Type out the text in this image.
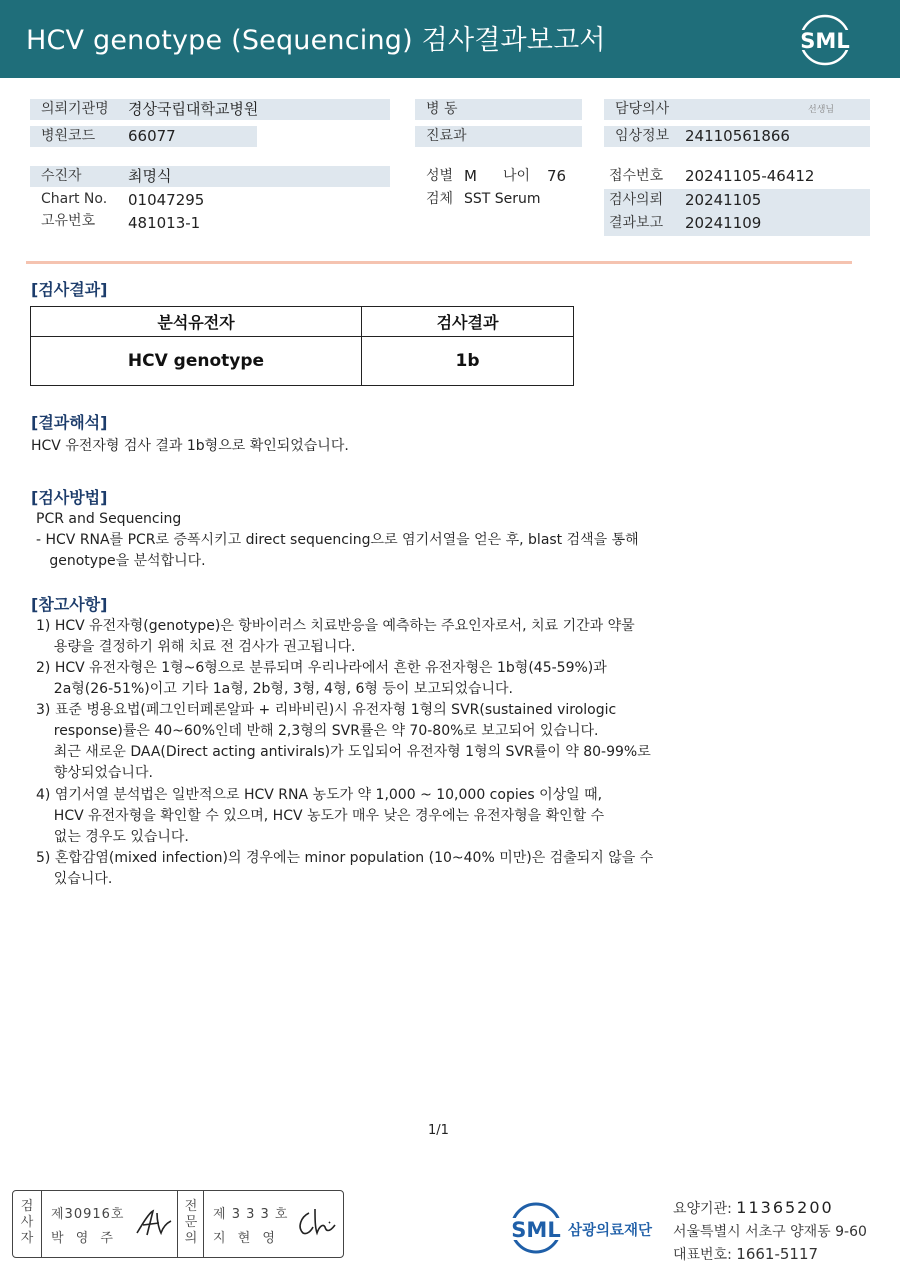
HCV genotype (Sequencing) 검사결과보고서	SML
의뢰기관명	경상국립대학교병원
병원코드	66077
수진자	최명식
Chart No. 01047295
고유번호 481013-1
병 동
진료과
성별 M 나이 76
검체 SST Serum
담당의사	선생님
임상정보	24110561866
접수번호 20241105-46412
검사의뢰 20241105
결과보고 20241109
[검사결과]
분석유전자	검사결과
HCV genotype	1b
[결과해석]
HCV 유전자형 검사 결과 1b형으로 확인되었습니다.
[검사방법]
PCR and Sequencing
- HCV RNA를 PCR로 증폭시키고 direct sequencing으로 염기서열을 얻은 후, blast 검색을 통해
genotype을 분석합니다.
[참고사항]
1) HCV 유전자형(genotype)은 항바이러스 치료반응을 예측하는 주요인자로서, 치료 기간과 약물
용량을 결정하기 위해 치료 전 검사가 권고됩니다.
2) HCV 유전자형은 1형~6형으로 분류되며 우리나라에서 흔한 유전자형은 1b형(45-59%)과
2a형(26-51%)이고 기타 1a형, 2b형, 3형, 4형, 6형 등이 보고되었습니다.
3) 표준 병용요법(페그인터페론알파 + 리바비린)시 유전자형 1형의 SVR(sustained virologic
response)률은 40~60%인데 반해 2,3형의 SVR률은 약 70-80%로 보고되어 있습니다.
최근 새로운 DAA(Direct acting antivirals)가 도입되어 유전자형 1형의 SVR률이 약 80-99%로
향상되었습니다.
4) 염기서열 분석법은 일반적으로 HCV RNA 농도가 약 1,000 ~ 10,000 copies 이상일 때,
HCV 유전자형을 확인할 수 있으며, HCV 농도가 매우 낮은 경우에는 유전자형을 확인할 수
없는 경우도 있습니다.
5) 혼합감염(mixed infection)의 경우에는 minor population (10~40% 미만)은 검출되지 않을 수
있습니다.
1/1
검사자
제30916호
박 영 주
전문의
제 3 3 3 호
지 현 영	SML 삼광의료재단
요양기관: 11365200
서울특별시 서초구 양재동 9-60
대표번호: 1661-5117
